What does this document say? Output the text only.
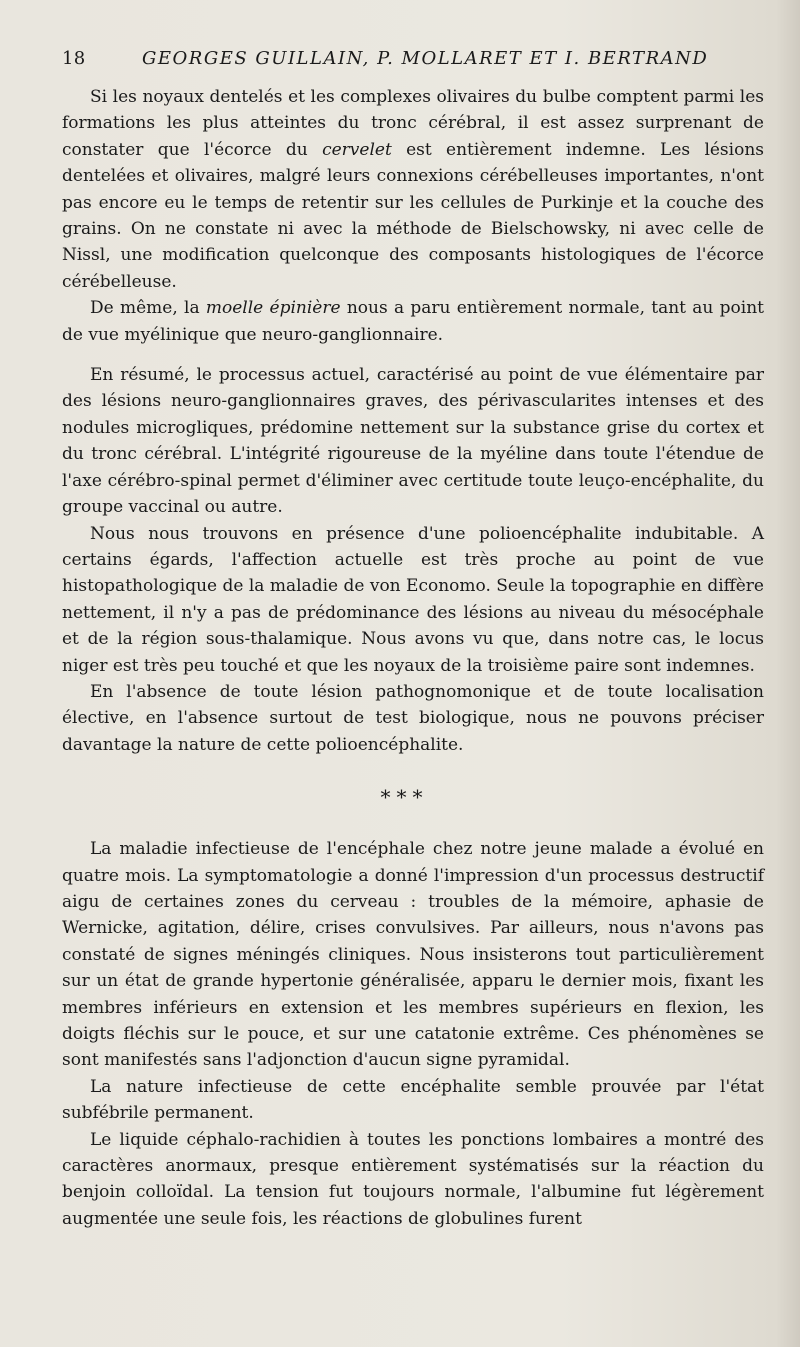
18	GEORGES GUILLAIN, P. MOLLARET ET I. BERTRAND

Si les noyaux dentelés et les complexes olivaires du bulbe comptent parmi les formations les plus atteintes du tronc cérébral, il est assez surprenant de constater que l'écorce du cervelet est entièrement indemne. Les lésions dentelées et olivaires, malgré leurs connexions cérébelleuses importantes, n'ont pas encore eu le temps de retentir sur les cellules de Purkinje et la couche des grains. On ne constate ni avec la méthode de Bielschowsky, ni avec celle de Nissl, une modification quelconque des composants histologiques de l'écorce cérébelleuse.

De même, la moelle épinière nous a paru entièrement normale, tant au point de vue myélinique que neuro-ganglionnaire.

En résumé, le processus actuel, caractérisé au point de vue élémentaire par des lésions neuro-ganglionnaires graves, des périvascularites intenses et des nodules microgliques, prédomine nettement sur la substance grise du cortex et du tronc cérébral. L'intégrité rigoureuse de la myéline dans toute l'étendue de l'axe cérébro-spinal permet d'éliminer avec certitude toute leuço-encéphalite, du groupe vaccinal ou autre.

Nous nous trouvons en présence d'une polioencéphalite indubitable. A certains égards, l'affection actuelle est très proche au point de vue histopathologique de la maladie de von Economo. Seule la topographie en diffère nettement, il n'y a pas de prédominance des lésions au niveau du mésocéphale et de la région sous-thalamique. Nous avons vu que, dans notre cas, le locus niger est très peu touché et que les noyaux de la troisième paire sont indemnes.

En l'absence de toute lésion pathognomonique et de toute localisation élective, en l'absence surtout de test biologique, nous ne pouvons préciser davantage la nature de cette polioencéphalite.

* * *

La maladie infectieuse de l'encéphale chez notre jeune malade a évolué en quatre mois. La symptomatologie a donné l'impression d'un processus destructif aigu de certaines zones du cerveau : troubles de la mémoire, aphasie de Wernicke, agitation, délire, crises convulsives. Par ailleurs, nous n'avons pas constaté de signes méningés cliniques. Nous insisterons tout particulièrement sur un état de grande hypertonie généralisée, apparu le dernier mois, fixant les membres inférieurs en extension et les membres supérieurs en flexion, les doigts fléchis sur le pouce, et sur une catatonie extrême. Ces phénomènes se sont manifestés sans l'adjonction d'aucun signe pyramidal.

La nature infectieuse de cette encéphalite semble prouvée par l'état subfébrile permanent.

Le liquide céphalo-rachidien à toutes les ponctions lombaires a montré des caractères anormaux, presque entièrement systématisés sur la réaction du benjoin colloïdal. La tension fut toujours normale, l'albumine fut légèrement augmentée une seule fois, les réactions de globulines furent
